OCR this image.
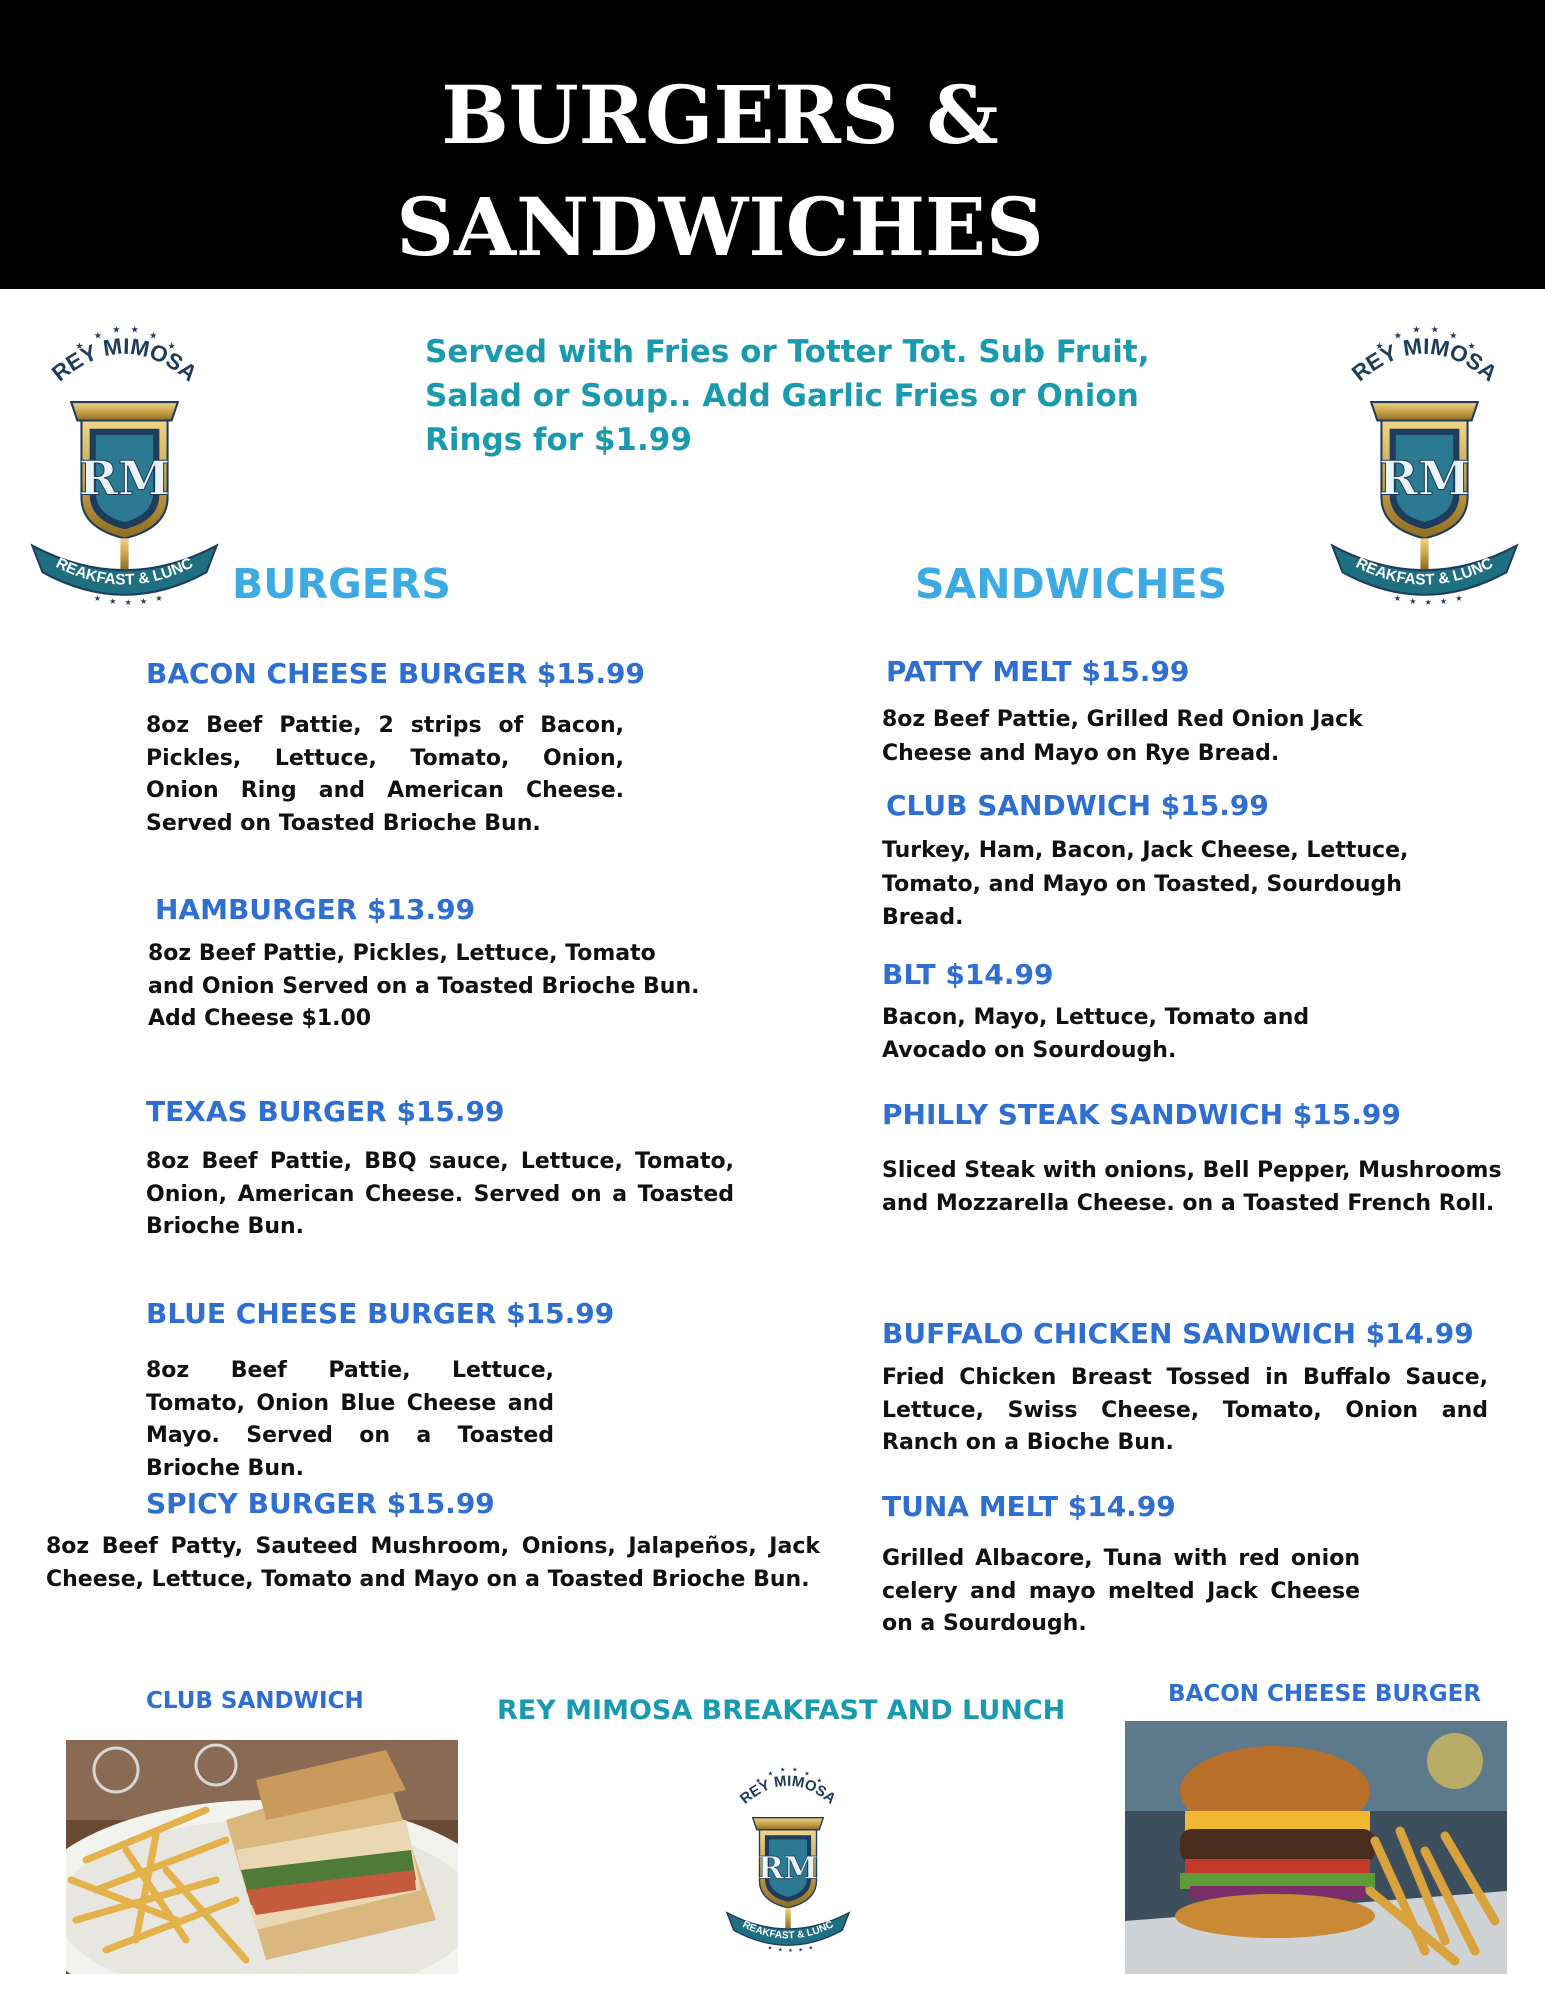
BURGERS &
SANDWICHES
Served with Fries or Totter Tot. Sub Fruit, Salad or Soup.. Add Garlic Fries or Onion Rings for $1.99
BURGERS	SANDWICHES
BACON CHEESE BURGER $15.99
8oz Beef Pattie, 2 strips of Bacon, Pickles, Lettuce, Tomato, Onion, Onion Ring and American Cheese. Served on Toasted Brioche Bun.
HAMBURGER $13.99
8oz Beef Pattie, Pickles, Lettuce, Tomato and Onion Served on a Toasted Brioche Bun. Add Cheese $1.00
TEXAS BURGER $15.99
8oz Beef Pattie, BBQ sauce, Lettuce, Tomato, Onion, American Cheese. Served on a Toasted Brioche Bun.
BLUE CHEESE BURGER $15.99
8oz Beef Pattie, Lettuce, Tomato, Onion Blue Cheese and Mayo. Served on a Toasted Brioche Bun.
SPICY BURGER $15.99
8oz Beef Patty, Sauteed Mushroom, Onions, Jalapeños, Jack Cheese, Lettuce, Tomato and Mayo on a Toasted Brioche Bun.
PATTY MELT $15.99
8oz Beef Pattie, Grilled Red Onion Jack Cheese and Mayo on Rye Bread.
CLUB SANDWICH $15.99
Turkey, Ham, Bacon, Jack Cheese, Lettuce, Tomato, and Mayo on Toasted, Sourdough Bread.
BLT $14.99
Bacon, Mayo, Lettuce, Tomato and Avocado on Sourdough.
PHILLY STEAK SANDWICH $15.99
Sliced Steak with onions, Bell Pepper, Mushrooms and Mozzarella Cheese. on a Toasted French Roll.
BUFFALO CHICKEN SANDWICH $14.99
Fried Chicken Breast Tossed in Buffalo Sauce, Lettuce, Swiss Cheese, Tomato, Onion and Ranch on a Bioche Bun.
TUNA MELT $14.99
Grilled Albacore, Tuna with red onion celery and mayo melted Jack Cheese on a Sourdough.
CLUB SANDWICH	REY MIMOSA BREAKFAST AND LUNCH
BACON CHEESE BURGER
